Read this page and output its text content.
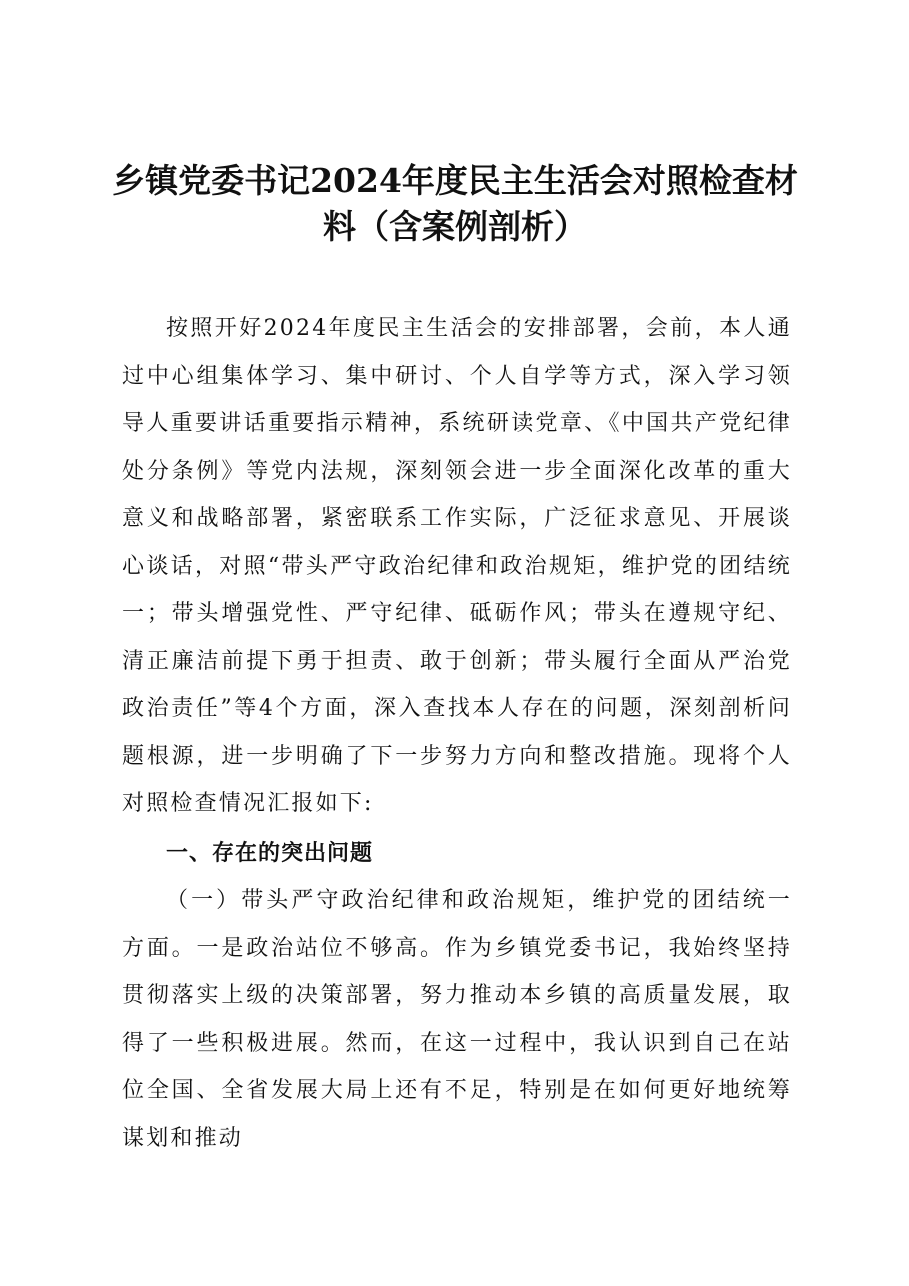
乡镇党委书记2024年度民主生活会对照检查材料（含案例剖析）

按照开好2024年度民主生活会的安排部署，会前，本人通过中心组集体学习、集中研讨、个人自学等方式，深入学习领导人重要讲话重要指示精神，系统研读党章、《中国共产党纪律处分条例》等党内法规，深刻领会进一步全面深化改革的重大意义和战略部署，紧密联系工作实际，广泛征求意见、开展谈心谈话，对照“带头严守政治纪律和政治规矩，维护党的团结统一；带头增强党性、严守纪律、砥砺作风；带头在遵规守纪、清正廉洁前提下勇于担责、敢于创新；带头履行全面从严治党政治责任”等4个方面，深入查找本人存在的问题，深刻剖析问题根源，进一步明确了下一步努力方向和整改措施。现将个人对照检查情况汇报如下:

一、存在的突出问题

（一）带头严守政治纪律和政治规矩，维护党的团结统一方面。一是政治站位不够高。作为乡镇党委书记，我始终坚持贯彻落实上级的决策部署，努力推动本乡镇的高质量发展，取得了一些积极进展。然而，在这一过程中，我认识到自己在站位全国、全省发展大局上还有不足，特别是在如何更好地统筹谋划和推动
